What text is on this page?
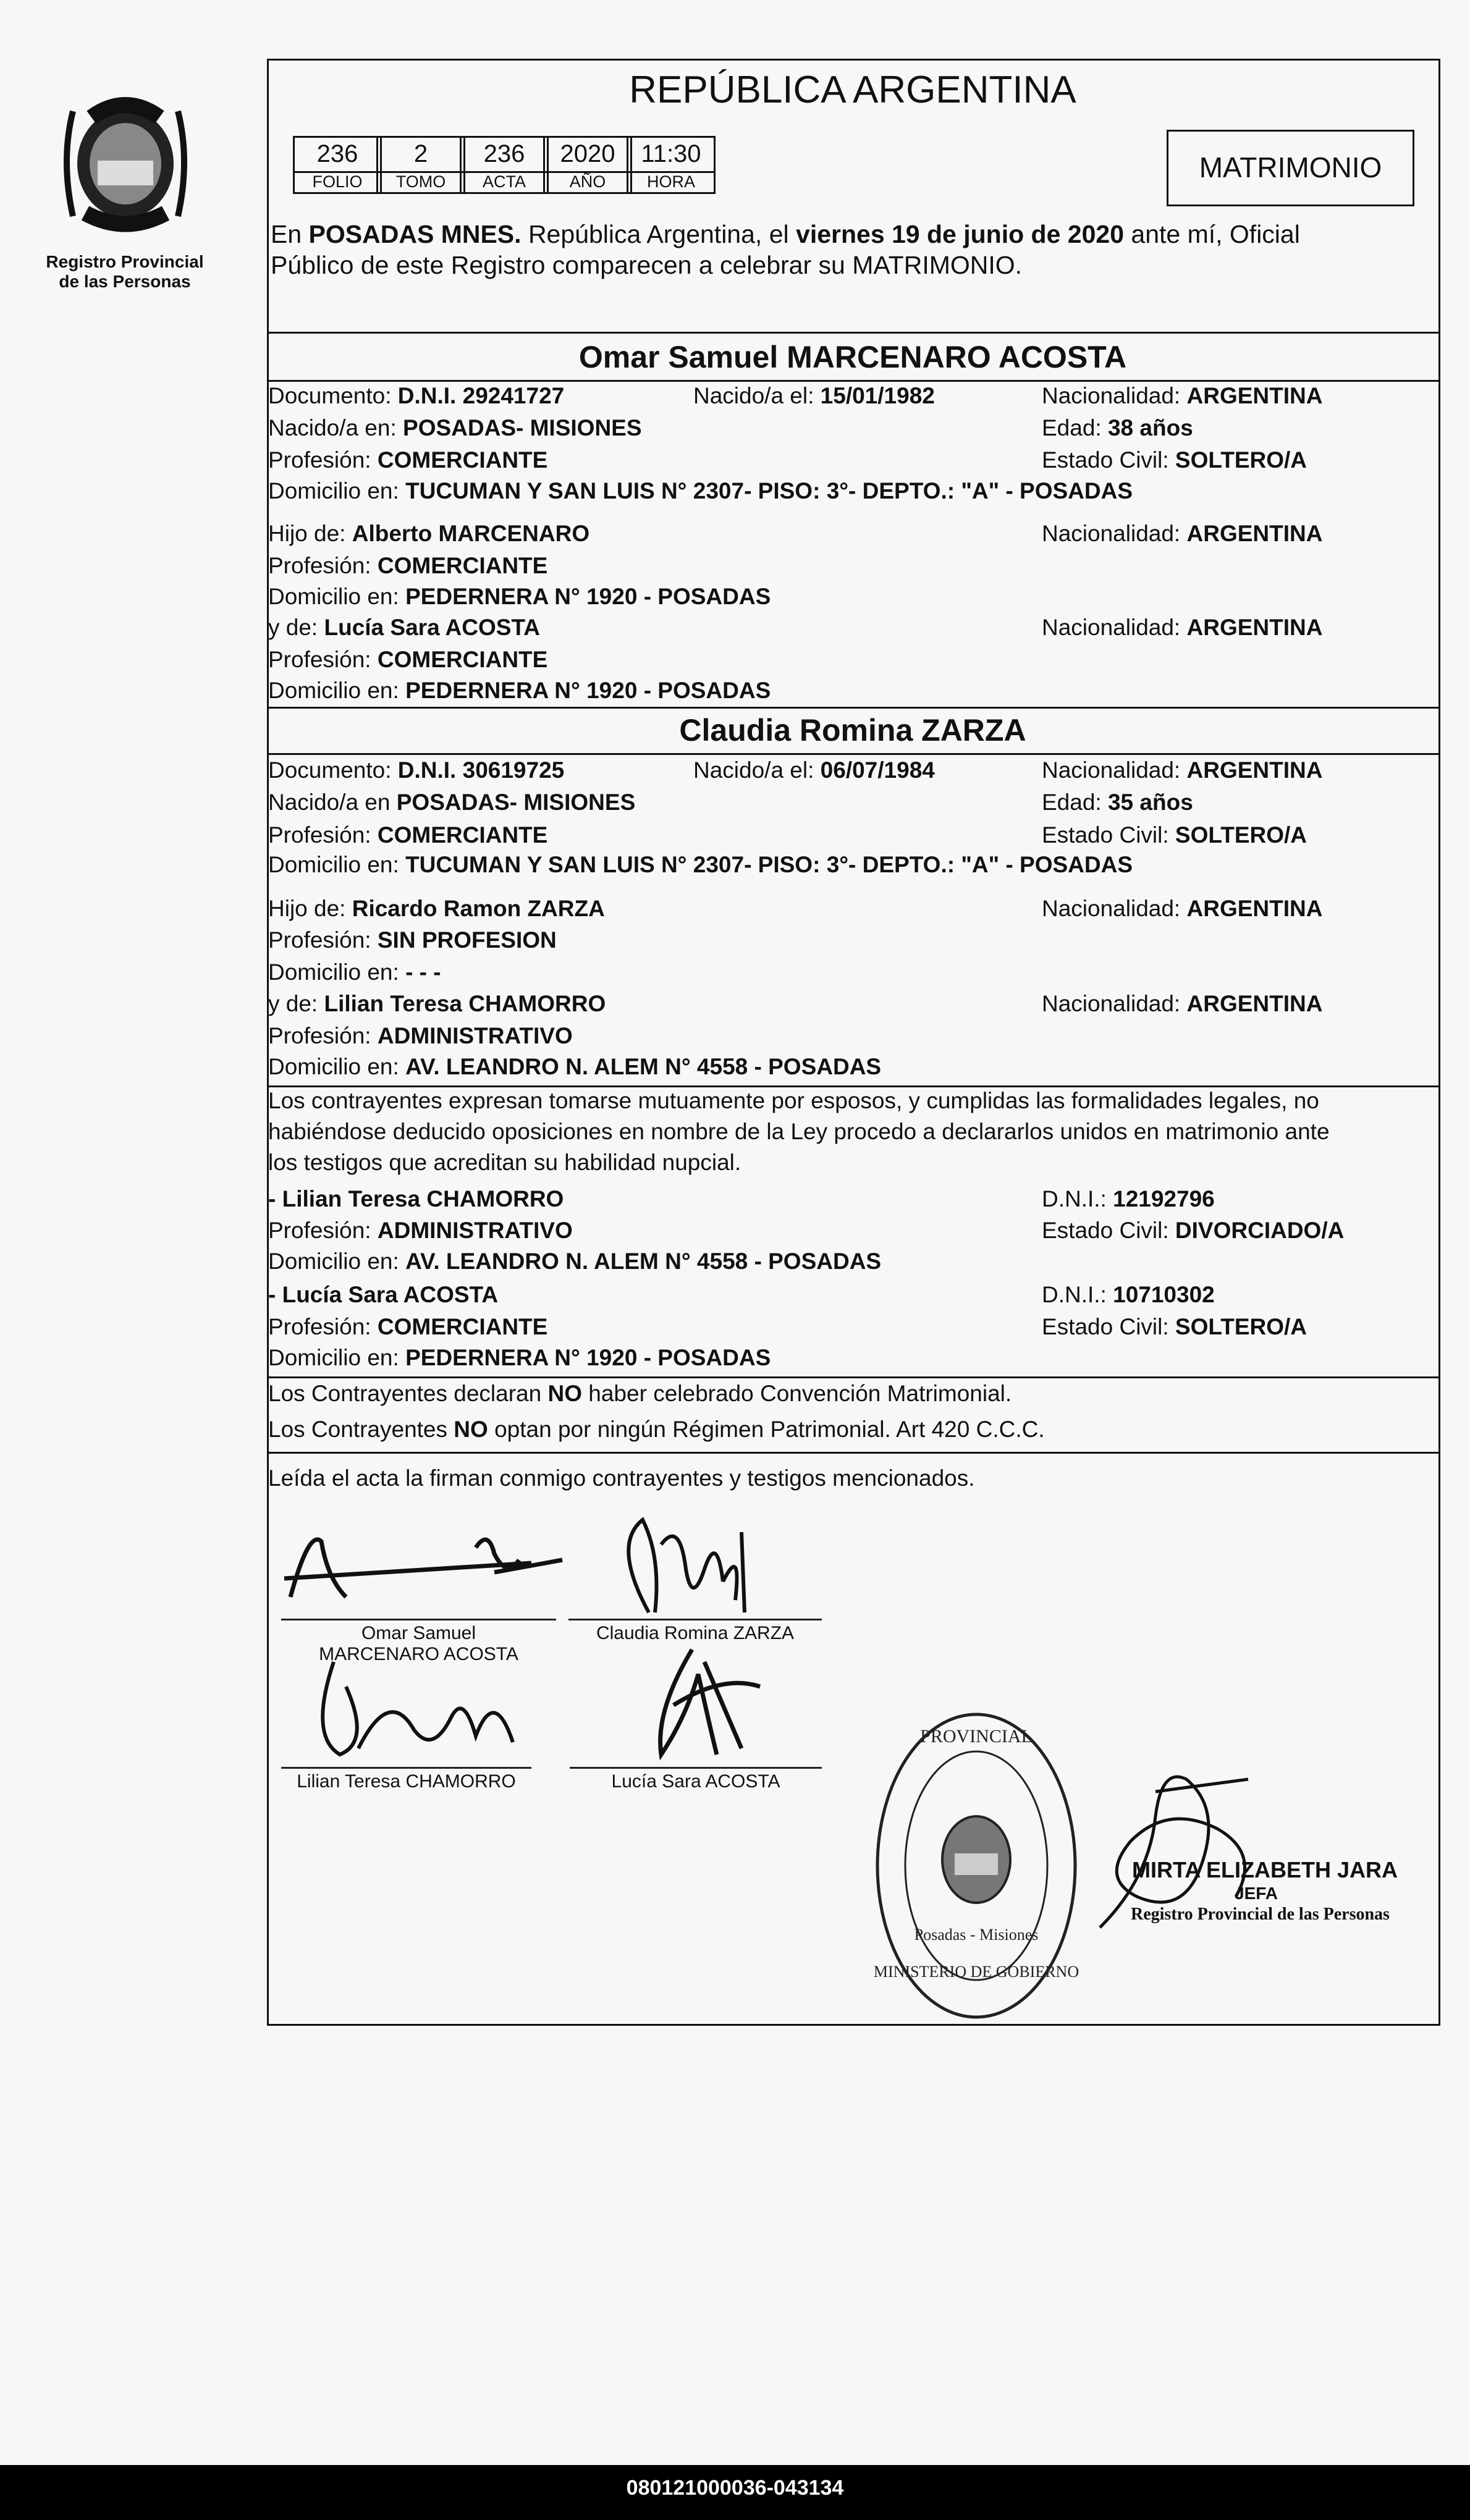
Registro Provincial
de las Personas
REPÚBLICA ARGENTINA
236	2	236	2020	11:30
FOLIO	TOMO	ACTA	AÑO	HORA	MATRIMONIO
En POSADAS MNES. República Argentina, el viernes 19 de junio de 2020 ante mí, Oficial
Público de este Registro comparecen a celebrar su MATRIMONIO.
Omar Samuel MARCENARO ACOSTA
Documento: D.N.I. 29241727	Nacido/a el: 15/01/1982	Nacionalidad: ARGENTINA
Nacido/a en: POSADAS- MISIONES	Edad: 38 años
Profesión: COMERCIANTE	Estado Civil: SOLTERO/A
Domicilio en: TUCUMAN Y SAN LUIS N° 2307- PISO: 3°- DEPTO.: "A" - POSADAS
Hijo de: Alberto MARCENARO	Nacionalidad: ARGENTINA
Profesión: COMERCIANTE
Domicilio en: PEDERNERA N° 1920 - POSADAS
y de: Lucía Sara ACOSTA	Nacionalidad: ARGENTINA
Profesión: COMERCIANTE
Domicilio en: PEDERNERA N° 1920 - POSADAS
Claudia Romina ZARZA
Documento: D.N.I. 30619725	Nacido/a el: 06/07/1984	Nacionalidad: ARGENTINA
Nacido/a en POSADAS- MISIONES	Edad: 35 años
Profesión: COMERCIANTE	Estado Civil: SOLTERO/A
Domicilio en: TUCUMAN Y SAN LUIS N° 2307- PISO: 3°- DEPTO.: "A" - POSADAS
Hijo de: Ricardo Ramon ZARZA	Nacionalidad: ARGENTINA
Profesión: SIN PROFESION
Domicilio en: - - -
y de: Lilian Teresa CHAMORRO	Nacionalidad: ARGENTINA
Profesión: ADMINISTRATIVO
Domicilio en: AV. LEANDRO N. ALEM N° 4558 - POSADAS
Los contrayentes expresan tomarse mutuamente por esposos, y cumplidas las formalidades legales, no
habiéndose deducido oposiciones en nombre de la Ley procedo a declararlos unidos en matrimonio ante
los testigos que acreditan su habilidad nupcial.
- Lilian Teresa CHAMORRO	D.N.I.: 12192796
Profesión: ADMINISTRATIVO	Estado Civil: DIVORCIADO/A
Domicilio en: AV. LEANDRO N. ALEM N° 4558 - POSADAS
- Lucía Sara ACOSTA	D.N.I.: 10710302
Profesión: COMERCIANTE	Estado Civil: SOLTERO/A
Domicilio en: PEDERNERA N° 1920 - POSADAS
Los Contrayentes declaran NO haber celebrado Convención Matrimonial.
Los Contrayentes NO optan por ningún Régimen Patrimonial. Art 420 C.C.C.
Leída el acta la firman conmigo contrayentes y testigos mencionados.
Omar Samuel
MARCENARO ACOSTA
Claudia Romina ZARZA
Lilian Teresa CHAMORRO	Lucía Sara ACOSTA
PROVINCIAL
MINISTERIO DE GOBIERNO
Posadas - Misiones
MIRTA ELIZABETH JARA
JEFA
Registro Provincial de las Personas
080121000036-043134
